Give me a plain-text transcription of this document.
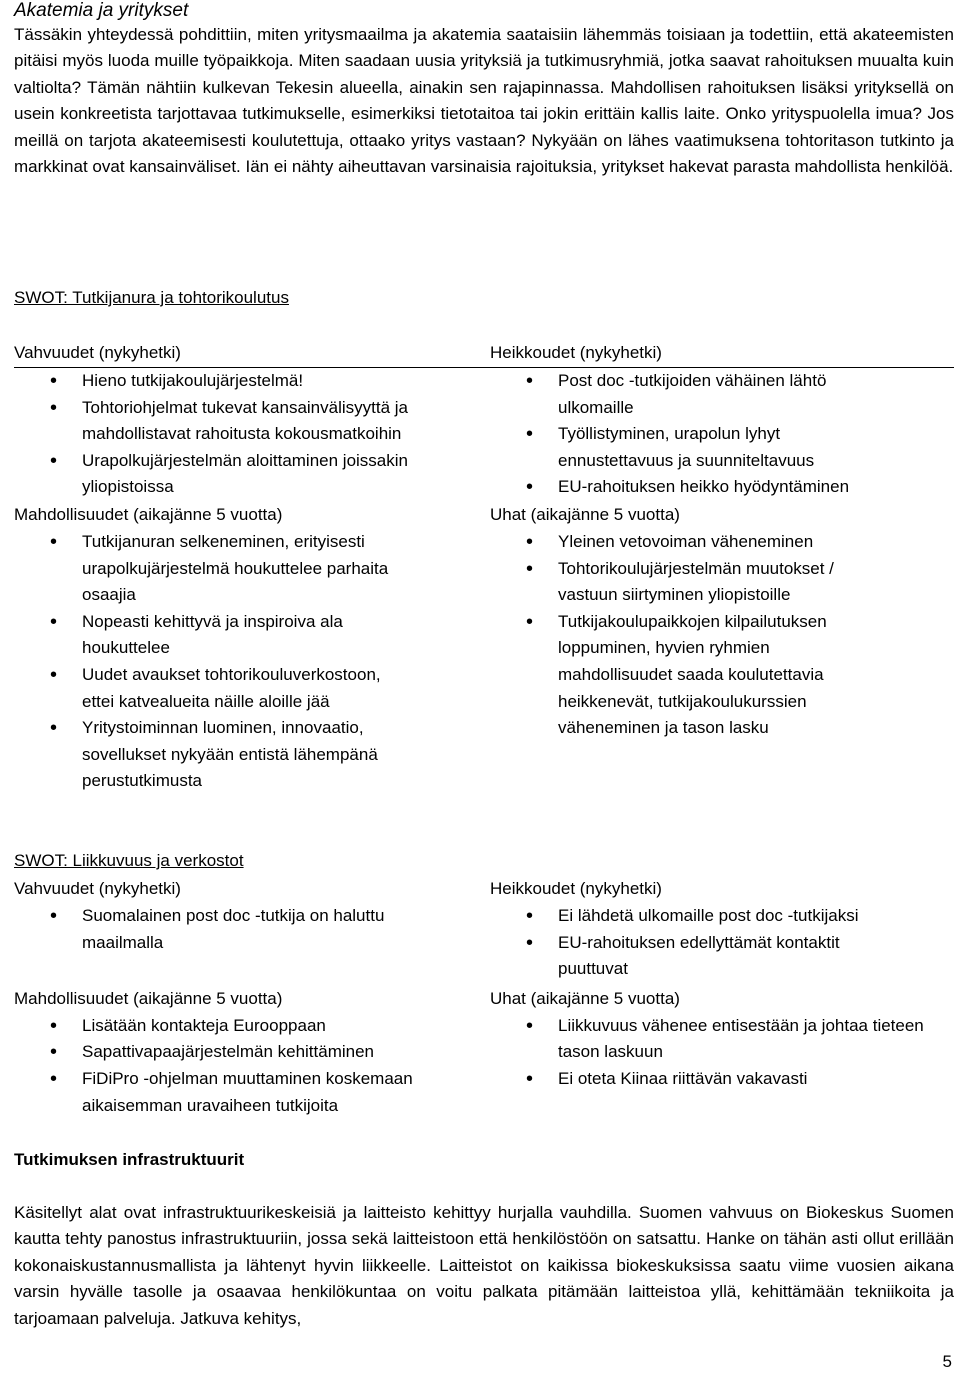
Akatemia ja yritykset
Tässäkin yhteydessä pohdittiin, miten yritysmaailma ja akatemia saataisiin lähemmäs toisiaan ja todettiin, että akateemisten pitäisi myös luoda muille työpaikkoja. Miten saadaan uusia yrityksiä ja tutkimusryhmiä, jotka saavat rahoituksen muualta kuin valtiolta? Tämän nähtiin kulkevan Tekesin alueella, ainakin sen rajapinnassa. Mahdollisen rahoituksen lisäksi yrityksellä on usein konkreetista tarjottavaa tutkimukselle, esimerkiksi tietotaitoa tai jokin erittäin kallis laite. Onko yrityspuolella imua? Jos meillä on tarjota akateemisesti koulutettuja, ottaako yritys vastaan? Nykyään on lähes vaatimuksena tohtoritason tutkinto ja markkinat ovat kansainväliset. Iän ei nähty aiheuttavan varsinaisia rajoituksia, yritykset hakevat parasta mahdollista henkilöä.
SWOT: Tutkijanura ja tohtorikoulutus
Vahvuudet (nykyhetki)
• Hieno tutkijakoulujärjestelmä!
• Tohtoriohjelmat tukevat kansainvälisyyttä ja mahdollistavat rahoitusta kokousmatkoihin
• Urapolkujärjestelmän aloittaminen joissakin yliopistoissa
Heikkoudet (nykyhetki)
• Post doc -tutkijoiden vähäinen lähtö ulkomaille
• Työllistyminen, urapolun lyhyt ennustettavuus ja suunniteltavuus
• EU-rahoituksen heikko hyödyntäminen
Mahdollisuudet (aikajänne 5 vuotta)
• Tutkijanuran selkeneminen, erityisesti urapolkujärjestelmä houkuttelee parhaita osaajia
• Nopeasti kehittyvä ja inspiroiva ala houkuttelee
• Uudet avaukset tohtorikouluverkostoon, ettei katvealueita näille aloille jää
• Yritystoiminnan luominen, innovaatio, sovellukset nykyään entistä lähempänä perustutkimusta
Uhat (aikajänne 5 vuotta)
• Yleinen vetovoiman väheneminen
• Tohtorikoulujärjestelmän muutokset / vastuun siirtyminen yliopistoille
• Tutkijakoulupaikkojen kilpailutuksen loppuminen, hyvien ryhmien mahdollisuudet saada koulutettavia heikkenevät, tutkijakoulukurssien väheneminen ja tason lasku
SWOT: Liikkuvuus ja verkostot
Vahvuudet (nykyhetki)
• Suomalainen post doc -tutkija on haluttu maailmalla
Heikkoudet (nykyhetki)
• Ei lähdetä ulkomaille post doc -tutkijaksi
• EU-rahoituksen edellyttämät kontaktit puuttuvat
Mahdollisuudet (aikajänne 5 vuotta)
• Lisätään kontakteja Eurooppaan
• Sapattivapaajärjestelmän kehittäminen
• FiDiPro -ohjelman muuttaminen koskemaan aikaisemman uravaiheen tutkijoita
Uhat (aikajänne 5 vuotta)
• Liikkuvuus vähenee entisestään ja johtaa tieteen tason laskuun
• Ei oteta Kiinaa riittävän vakavasti
Tutkimuksen infrastruktuurit
Käsitellyt alat ovat infrastruktuurikeskeisiä ja laitteisto kehittyy hurjalla vauhdilla. Suomen vahvuus on Biokeskus Suomen kautta tehty panostus infrastruktuuriin, jossa sekä laitteistoon että henkilöstöön on satsattu. Hanke on tähän asti ollut erillään kokonaiskustannusmallista ja lähtenyt hyvin liikkeelle. Laitteistot on kaikissa biokeskuksissa saatu viime vuosien aikana varsin hyvälle tasolle ja osaavaa henkilökuntaa on voitu palkata pitämään laitteistoa yllä, kehittämään tekniikoita ja tarjoamaan palveluja. Jatkuva kehitys,
5
